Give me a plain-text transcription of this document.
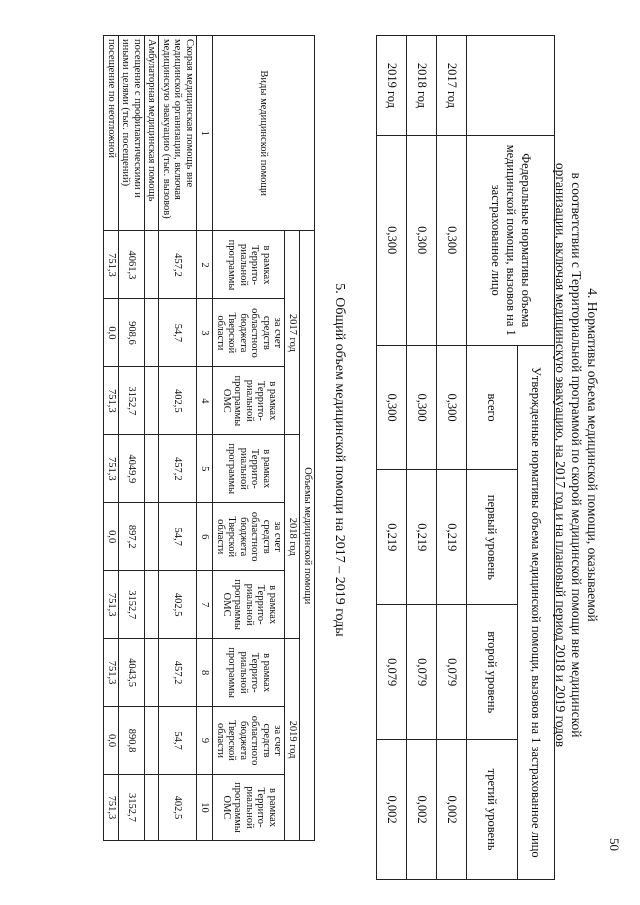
50
4. Нормативы объема медицинской помощи, оказываемой
в соответствии с Территориальной программой по скорой медицинской помощи вне медицинской
организации, включая медицинскую эвакуацию, на 2017 год и на плановый период 2018 и 2019 годов
	Федеральные нормативы объема медицинской помощи, вызовов на 1 застрахованное лицо	Утвержденные нормативы объема медицинской помощи, вызовов на 1 застрахованное лицо			
		всего	первый уровень	второй уровень	третий уровень
2017 год	0,300	0,300	0,219	0,079	0,002
2018 год	0,300	0,300	0,219	0,079	0,002
2019 год	0,300	0,300	0,219	0,079	0,002
5. Общий объем медицинской помощи на 2017 – 2019 годы
Виды медицинской помощи	Объемы медицинской помощи								
	2017 год			2018 год			2019 год		
	в рамках Террито-риальной программы	за счет средств областного бюджета Тверской области	в рамках Террито-риальной программы ОМС	в рамках Террито-риальной программы	за счет средств областного бюджета Тверской области	в рамках Террито-риальной программы ОМС	в рамках Террито-риальной программы	за счет средств областного бюджета Тверской области	в рамках Террито-риальной программы ОМС
1	2	3	4	5	6	7	8	9	10
Скорая медицинская помощь вне медицинской организации, включая медицинскую эвакуацию (тыс. вызовов)	457,2	54,7	402,5	457,2	54,7	402,5	457,2	54,7	402,5
Амбулаторная медицинская помощь									
посещение с профилактическими и иными целями (тыс. посещений)	4061,3	908,6	3152,7	4049,9	897,2	3152,7	4043,5	890,8	3152,7
посещение по неотложной	751,3	0,0	751,3	751,3	0,0	751,3	751,3	0,0	751,3
